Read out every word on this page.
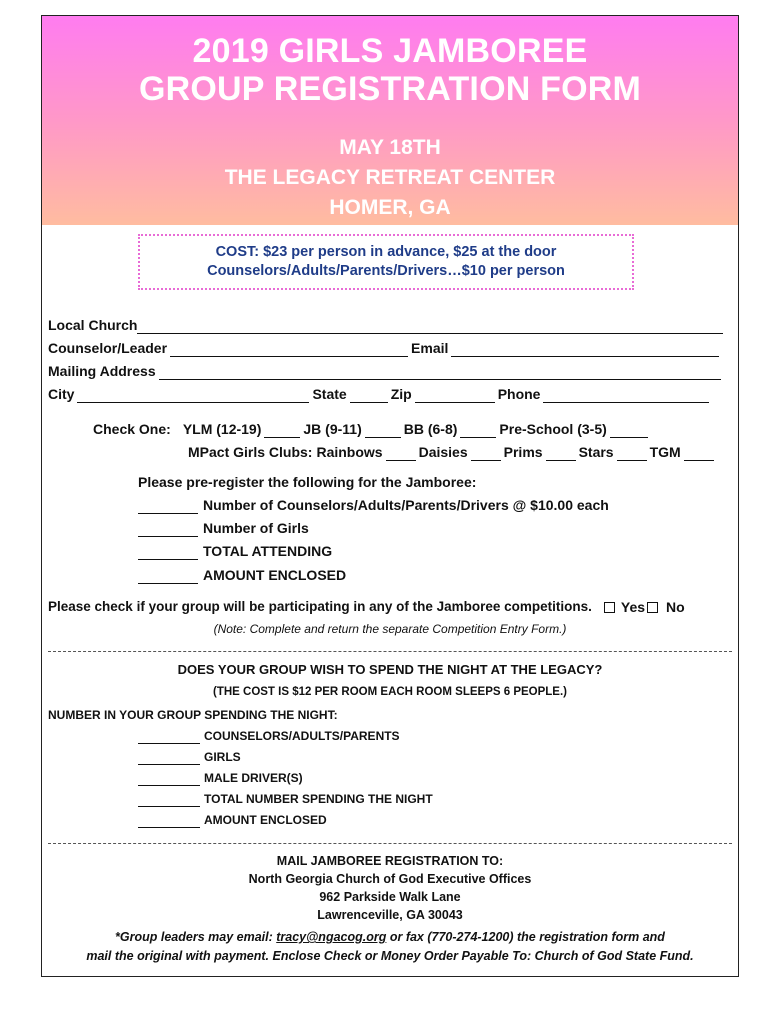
2019 GIRLS JAMBOREE
GROUP REGISTRATION FORM
MAY 18TH
THE LEGACY RETREAT CENTER
HOMER, GA
COST: $23 per person in advance, $25 at the door
Counselors/Adults/Parents/Drivers…$10 per person
Local Church
Counselor/Leader	Email
Mailing Address
City	State	Zip	Phone
Check One: YLM (12-19)	JB (9-11)	BB (6-8)	Pre-School (3-5)
MPact Girls Clubs: Rainbows	Daisies	Prims	Stars	TGM
Please pre-register the following for the Jamboree:
Number of Counselors/Adults/Parents/Drivers @ $10.00 each
Number of Girls
TOTAL ATTENDING
AMOUNT ENCLOSED
Please check if your group will be participating in any of the Jamboree competitions. Yes No
(Note: Complete and return the separate Competition Entry Form.)
DOES YOUR GROUP WISH TO SPEND THE NIGHT AT THE LEGACY?
(THE COST IS $12 PER ROOM EACH ROOM SLEEPS 6 PEOPLE.)
NUMBER IN YOUR GROUP SPENDING THE NIGHT:
COUNSELORS/ADULTS/PARENTS
GIRLS
MALE DRIVER(S)
TOTAL NUMBER SPENDING THE NIGHT
AMOUNT ENCLOSED
MAIL JAMBOREE REGISTRATION TO:
North Georgia Church of God Executive Offices
962 Parkside Walk Lane
Lawrenceville, GA 30043
*Group leaders may email: tracy@ngacog.org or fax (770-274-1200) the registration form and
mail the original with payment. Enclose Check or Money Order Payable To: Church of God State Fund.
